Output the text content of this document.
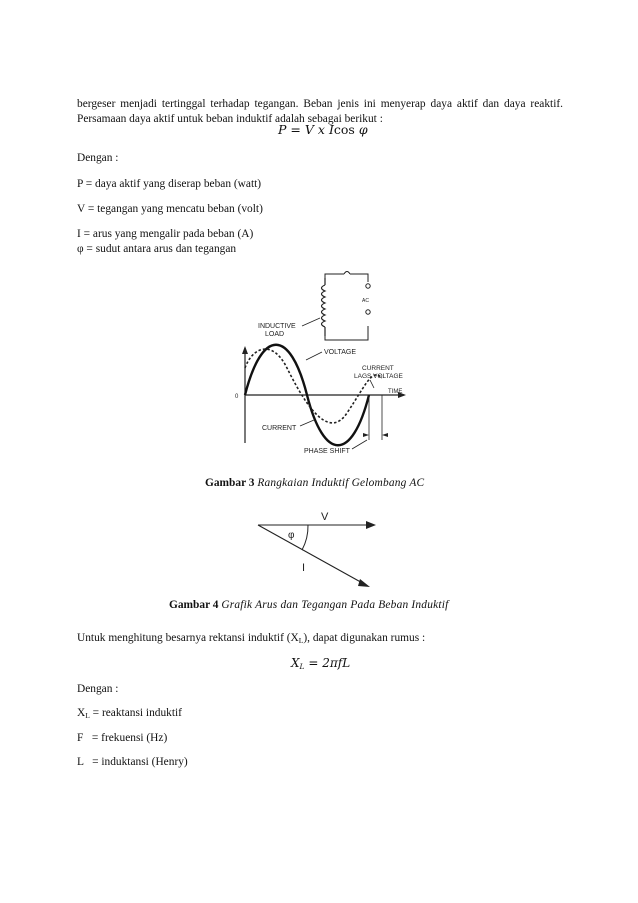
bergeser menjadi tertinggal terhadap tegangan. Beban jenis ini menyerap daya aktif dan daya reaktif. Persamaan daya aktif untuk beban induktif adalah sebagai berikut :
P = V x Icos φ
Dengan :
P = daya aktif yang diserap beban (watt)
V = tegangan yang mencatu beban (volt)
I = arus yang mengalir pada beban (A)
φ = sudut antara arus dan tegangan
AC
INDUCTIVE
LOAD
0
TIME
VOLTAGE
CURRENT
LAGS VOLTAGE
CURRENT
PHASE SHIFT
Gambar 3 Rangkaian Induktif Gelombang AC
V
φ
I
Gambar 4 Grafik Arus dan Tegangan Pada Beban Induktif
Untuk menghitung besarnya rektansi induktif $(X_L)$, dapat digunakan rumus :
$X_L = 2\pi fL$
Dengan :
$X_L$ = reaktansi induktif
F   = frekuensi (Hz)
L   = induktansi (Henry)
